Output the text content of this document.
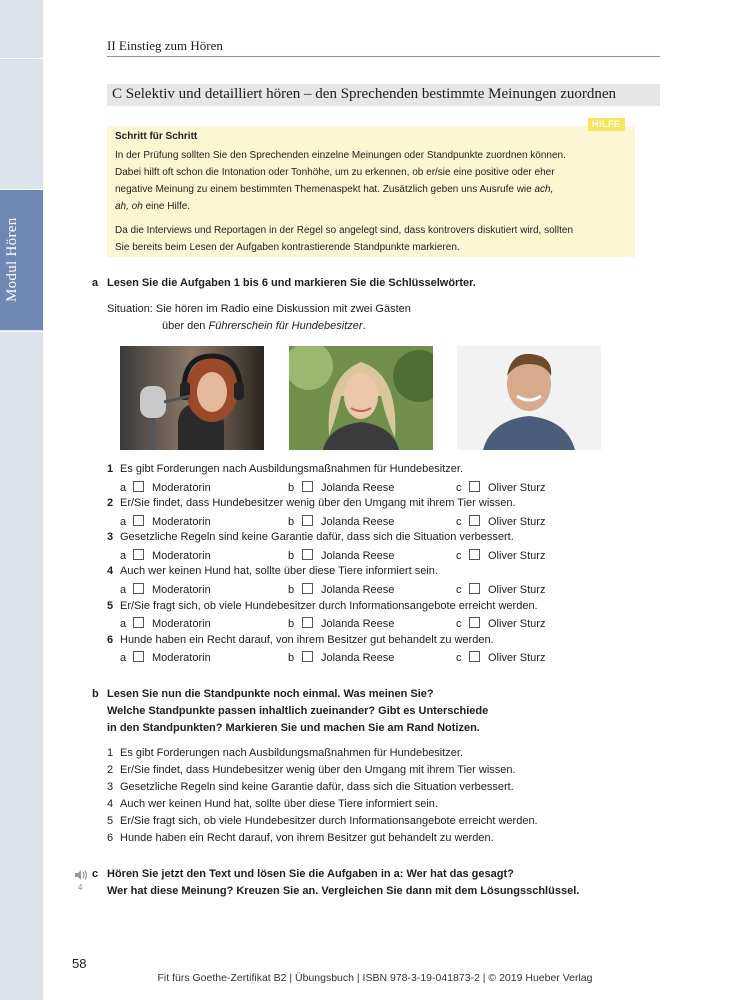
Modul Hören
II Einstieg zum Hören
C Selektiv und detailliert hören – den Sprechenden bestimmte Meinungen zuordnen
HILFE
Schritt für Schritt
In der Prüfung sollten Sie den Sprechenden einzelne Meinungen oder Standpunkte zuordnen können.
Dabei hilft oft schon die Intonation oder Tonhöhe, um zu erkennen, ob er/sie eine positive oder eher
negative Meinung zu einem bestimmten Themenaspekt hat. Zusätzlich geben uns Ausrufe wie ach,
ah, oh eine Hilfe.
Da die Interviews und Reportagen in der Regel so angelegt sind, dass kontrovers diskutiert wird, sollten
Sie bereits beim Lesen der Aufgaben kontrastierende Standpunkte markieren.
a Lesen Sie die Aufgaben 1 bis 6 und markieren Sie die Schlüsselwörter.
Situation: Sie hören im Radio eine Diskussion mit zwei Gästen
über den Führerschein für Hundebesitzer.
1 Es gibt Forderungen nach Ausbildungsmaßnahmen für Hundebesitzer.
a Moderatorin	b Jolanda Reese	c Oliver Sturz
2 Er/Sie findet, dass Hundebesitzer wenig über den Umgang mit ihrem Tier wissen.
a Moderatorin	b Jolanda Reese	c Oliver Sturz
3 Gesetzliche Regeln sind keine Garantie dafür, dass sich die Situation verbessert.
a Moderatorin	b Jolanda Reese	c Oliver Sturz
4 Auch wer keinen Hund hat, sollte über diese Tiere informiert sein.
a Moderatorin	b Jolanda Reese	c Oliver Sturz
5 Er/Sie fragt sich, ob viele Hundebesitzer durch Informationsangebote erreicht werden.
a Moderatorin	b Jolanda Reese	c Oliver Sturz
6 Hunde haben ein Recht darauf, von ihrem Besitzer gut behandelt zu werden.
a Moderatorin	b Jolanda Reese	c Oliver Sturz
b Lesen Sie nun die Standpunkte noch einmal. Was meinen Sie?
Welche Standpunkte passen inhaltlich zueinander? Gibt es Unterschiede
in den Standpunkten? Markieren Sie und machen Sie am Rand Notizen.
1 Es gibt Forderungen nach Ausbildungsmaßnahmen für Hundebesitzer.
2 Er/Sie findet, dass Hundebesitzer wenig über den Umgang mit ihrem Tier wissen.
3 Gesetzliche Regeln sind keine Garantie dafür, dass sich die Situation verbessert.
4 Auch wer keinen Hund hat, sollte über diese Tiere informiert sein.
5 Er/Sie fragt sich, ob viele Hundebesitzer durch Informationsangebote erreicht werden.
6 Hunde haben ein Recht darauf, von ihrem Besitzer gut behandelt zu werden.
4
c Hören Sie jetzt den Text und lösen Sie die Aufgaben in a: Wer hat das gesagt?
Wer hat diese Meinung? Kreuzen Sie an. Vergleichen Sie dann mit dem Lösungsschlüssel.
58
Fit fürs Goethe-Zertifikat B2 | Übungsbuch | ISBN 978-3-19-041873-2 | © 2019 Hueber Verlag
